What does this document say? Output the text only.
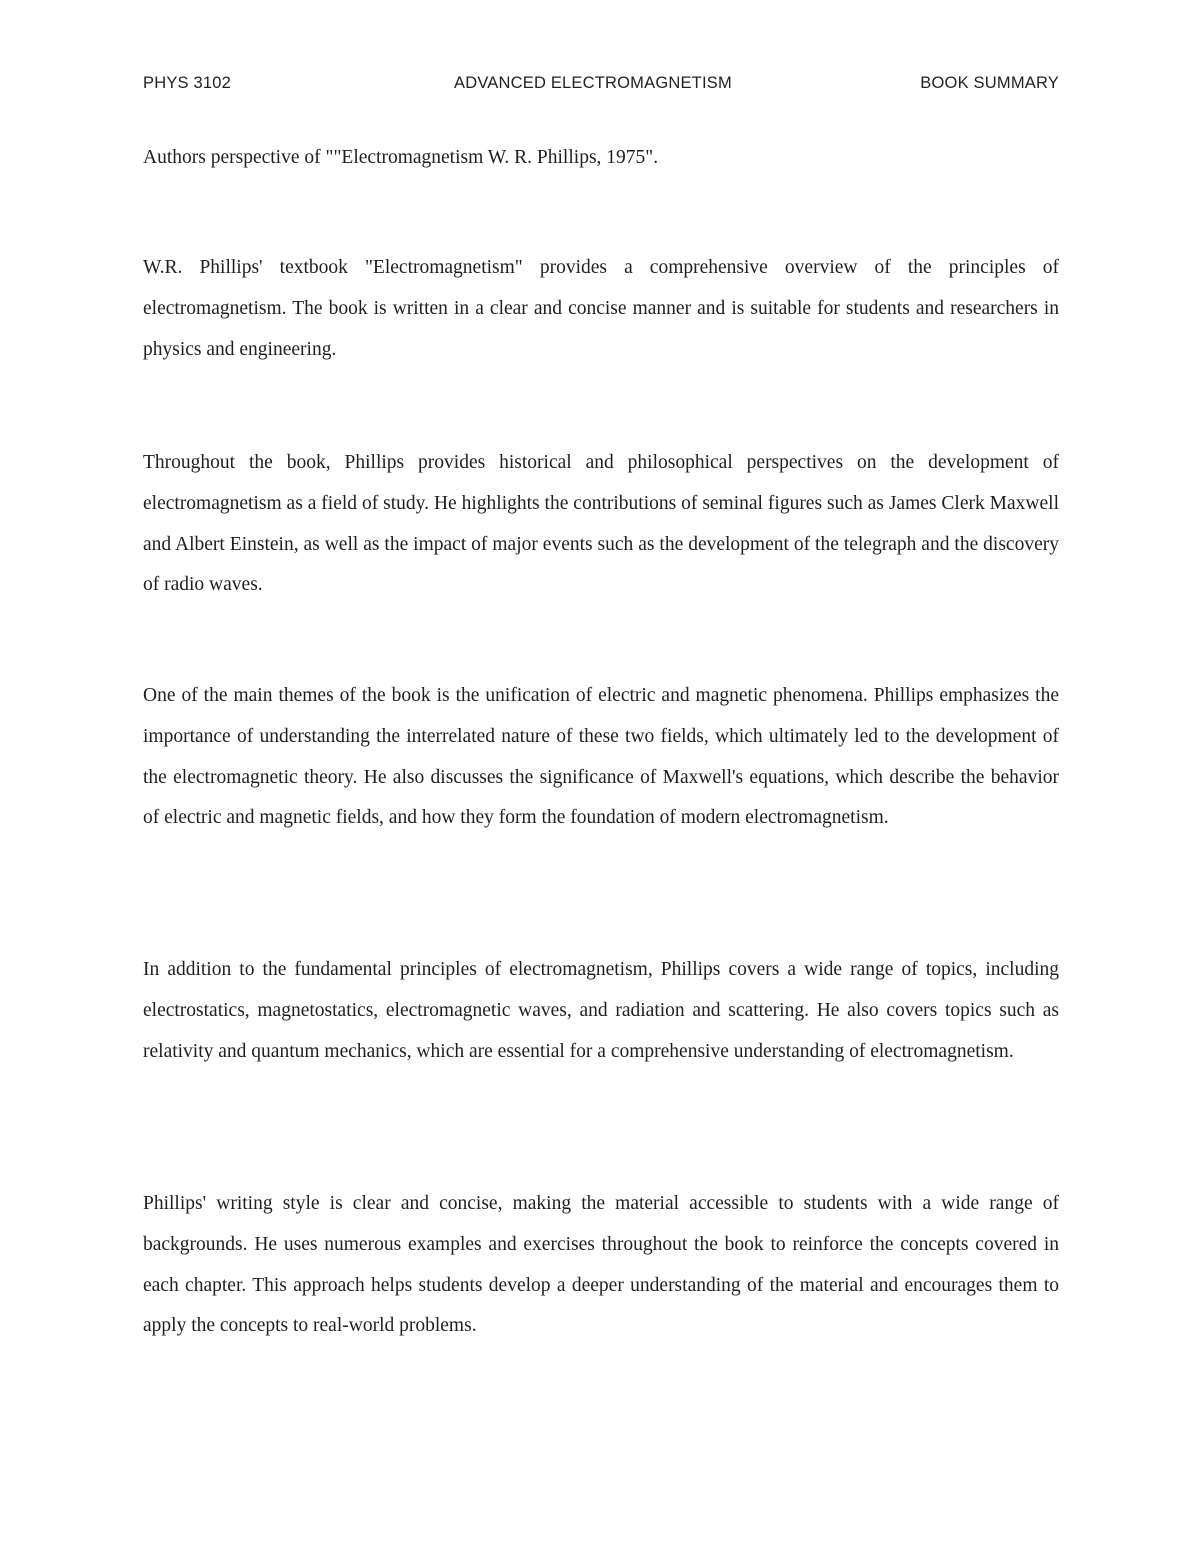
PHYS 3102	ADVANCED ELECTROMAGNETISM	BOOK SUMMARY
Authors perspective of ""Electromagnetism W. R. Phillips, 1975".

W.R. Phillips' textbook "Electromagnetism" provides a comprehensive overview of the principles of electromagnetism. The book is written in a clear and concise manner and is suitable for students and researchers in physics and engineering.

Throughout the book, Phillips provides historical and philosophical perspectives on the development of electromagnetism as a field of study. He highlights the contributions of seminal figures such as James Clerk Maxwell and Albert Einstein, as well as the impact of major events such as the development of the telegraph and the discovery of radio waves.

One of the main themes of the book is the unification of electric and magnetic phenomena. Phillips emphasizes the importance of understanding the interrelated nature of these two fields, which ultimately led to the development of the electromagnetic theory. He also discusses the significance of Maxwell's equations, which describe the behavior of electric and magnetic fields, and how they form the foundation of modern electromagnetism.

In addition to the fundamental principles of electromagnetism, Phillips covers a wide range of topics, including electrostatics, magnetostatics, electromagnetic waves, and radiation and scattering. He also covers topics such as relativity and quantum mechanics, which are essential for a comprehensive understanding of electromagnetism.

Phillips' writing style is clear and concise, making the material accessible to students with a wide range of backgrounds. He uses numerous examples and exercises throughout the book to reinforce the concepts covered in each chapter. This approach helps students develop a deeper understanding of the material and encourages them to apply the concepts to real-world problems.
